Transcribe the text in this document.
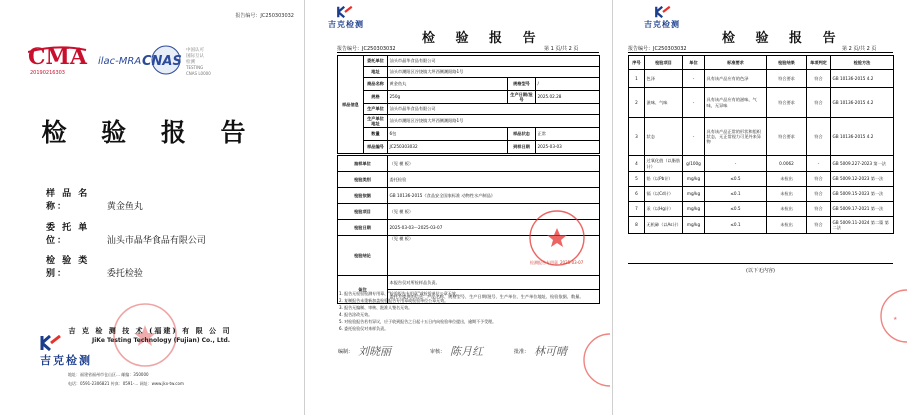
报告编号：JC250303032
CMA
20190216303
ilac-MRA CNAS
中国认可
国际互认
检测
TESTING
CNAS L0000
检 验 报 告
样 品 名 称：	黄金鱼丸
委 托 单 位：	汕头市晶华食品有限公司
检 验 类 别：	委托检验
吉 克 检 测 技 术 (福建) 有 限 公 司
JiKe Testing Technology (Fujian) Co., Ltd.
吉克检测
地址：福建省福州市仓山区… 邮编：350000
电话：0591-2306821 传真：0591-… 网址：www.jkx-tw.com
吉克检测
检 验 报 告
报告编号：JC250303032	第 1 页/共 2 页
样品信息	委托单位	汕头市晶华食品有限公司		
	地址	汕头市潮阳区谷饶镇大坪西侧潮阳路1号		
	商品名称	黄金鱼丸	规格型号	/
	规格	250g	生产日期/批号	2025.02.28
	生产单位	汕头市晶华食品有限公司		
	生产单位地址	汕头市潮阳区谷饶镇大坪西侧潮阳路1号		
	数量	6包	样品状态	正常
	样品编号	JC250303032	到样日期	2025-03-03
抽样单位	（见 模 板）
检验类别	委托检验
检验依据	GB 10136-2015《食品安全国家标准 动物性水产制品》
检验项目	（见 模 板）
检验日期	2025-03-03～2025-03-07
检验结论	（见 模 板）
备注	本报告仅对所检样品负责。
	委托方提供的信息：产品名称、规格型号、生产日期/批号、生产单位、生产单位地址、检验依据、数量。
检测报告专用章 2025-03-07
1. 报告无检验检测专用章、"检验报告专用章"或检验单位公章无效。
2. 复制报告未重新加盖检验报告专用章或检验单位公章无效。
3. 报告无编制、审核、批准人签名无效。
4. 报告涂改无效。
5. 对检验报告若有异议，应于收到报告之日起十五日内向检验单位提出，逾期不予受理。
6. 委托检验仅对来样负责。
编制： 刘晓丽	审核： 陈月红	批准： 林可晴
吉克检测
检 验 报 告
报告编号：JC250303032	第 2 页/共 2 页
序号	检验项目	单位	标准要求	检验结果	单项判定	检验方法
1	色泽	-	具有该产品应有的色泽	符合要求	符合	GB 10136-2015 4.2
2	滋味、气味	-	具有该产品应有的滋味、气味，无异味	符合要求	符合	GB 10136-2015 4.2
3	状态	-	具有该产品正常的形状和组织状态，无正常视力可见外来异物	符合要求	符合	GB 10136-2015 4.2
4	过氧化值（以脂肪计）	g/100g	-	0.0062	-	GB 5009.227-2023 第一法
5	铅（以Pb计）	mg/kg	≤0.5	未检出	符合	GB 5009.12-2023 第一法
6	镉（以Cd计）	mg/kg	≤0.1	未检出	符合	GB 5009.15-2023 第一法
7	汞（以Hg计）	mg/kg	≤0.5	未检出	符合	GB 5009.17-2021 第一法
8	无机砷（以As计）	mg/kg	≤0.1	未检出	符合	GB 5009.11-2024 第二篇 第二法
(以下无内容)
★
